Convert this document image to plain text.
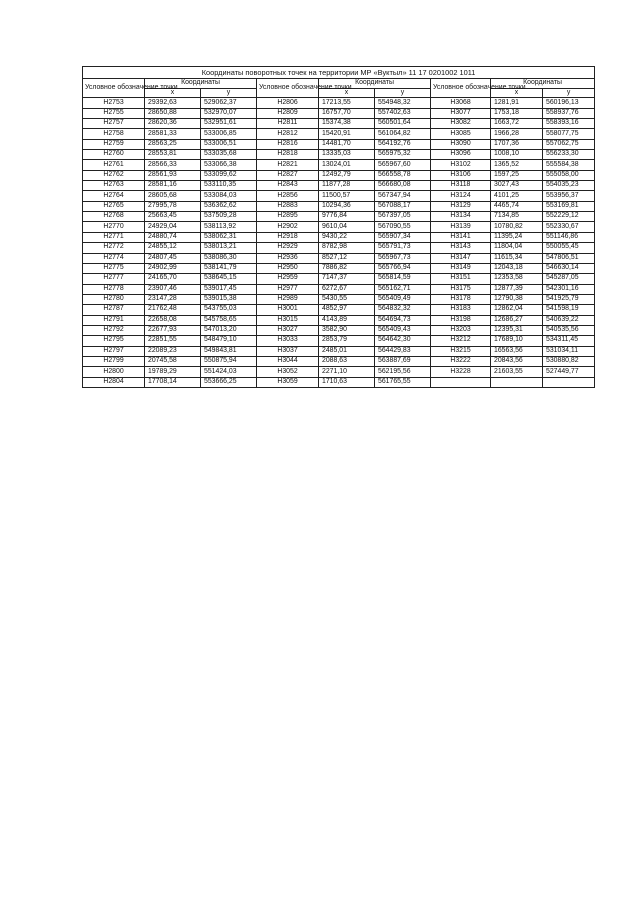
Координаты поворотных точек на территории МР «Вуктыл» 11 17 0201002 1011								
Условное обозначение точки	Координаты		Условное обозначение точки	Координаты		Условное обозначение точки	Координаты	
	x	y		x	y		x	y
Н2753	29392,63	529062,37	Н2806	17213,55	554948,32	Н3068	1281,91	560196,13
Н2755	28650,88	532970,07	Н2809	16757,70	557402,63	Н3077	1753,18	558937,76
Н2757	28620,36	532951,61	Н2811	15374,38	560501,64	Н3082	1663,72	558393,16
Н2758	28581,33	533006,85	Н2812	15420,91	561064,82	Н3085	1966,28	558077,75
Н2759	28563,25	533006,51	Н2816	14481,70	564192,76	Н3090	1707,36	557062,75
Н2760	28553,81	533035,68	Н2818	13335,03	565975,32	Н3096	1008,10	556233,30
Н2761	28566,33	533066,38	Н2821	13024,01	565967,60	Н3102	1365,52	555584,38
Н2762	28561,93	533099,62	Н2827	12492,79	566558,78	Н3106	1597,25	555058,00
Н2763	28581,16	533110,35	Н2843	11877,28	566680,08	Н3118	3027,43	554035,23
Н2764	28605,68	533084,03	Н2856	11500,57	567347,94	Н3124	4101,25	553956,37
Н2765	27995,78	536362,62	Н2883	10294,36	567088,17	Н3129	4465,74	553169,81
Н2768	25663,45	537509,28	Н2895	9776,84	567397,05	Н3134	7134,85	552229,12
Н2770	24929,04	538113,92	Н2902	9610,04	567090,55	Н3139	10780,82	552330,67
Н2771	24880,74	538062,31	Н2918	9430,22	565907,34	Н3141	11395,24	551146,86
Н2772	24855,12	538013,21	Н2929	8782,98	565791,73	Н3143	11804,04	550055,45
Н2774	24807,45	538086,30	Н2936	8527,12	565967,73	Н3147	11615,34	547806,51
Н2775	24902,99	538141,79	Н2950	7886,82	565766,94	Н3149	12043,18	546630,14
Н2777	24165,70	538645,15	Н2959	7147,37	565814,59	Н3151	12353,58	545287,05
Н2778	23907,46	539017,45	Н2977	6272,67	565162,71	Н3175	12877,39	542301,16
Н2780	23147,28	539015,38	Н2989	5430,55	565409,49	Н3178	12790,38	541925,79
Н2787	21762,48	543755,03	Н3001	4852,97	564832,32	Н3183	12862,04	541598,19
Н2791	22658,08	545758,65	Н3015	4143,89	564694,73	Н3198	12686,27	540639,22
Н2792	22677,93	547013,20	Н3027	3582,90	565409,43	Н3203	12395,31	540535,56
Н2795	22851,55	548479,10	Н3033	2853,79	564642,30	Н3212	17689,10	534311,45
Н2797	22089,23	549843,81	Н3037	2485,01	564429,83	Н3215	16563,56	531034,11
Н2799	20745,58	550875,94	Н3044	2088,63	563887,69	Н3222	20843,56	530880,82
Н2800	19789,29	551424,03	Н3052	2271,10	562195,56	Н3228	21603,55	527449,77
Н2804	17708,14	553666,25	Н3059	1710,63	561765,55			
